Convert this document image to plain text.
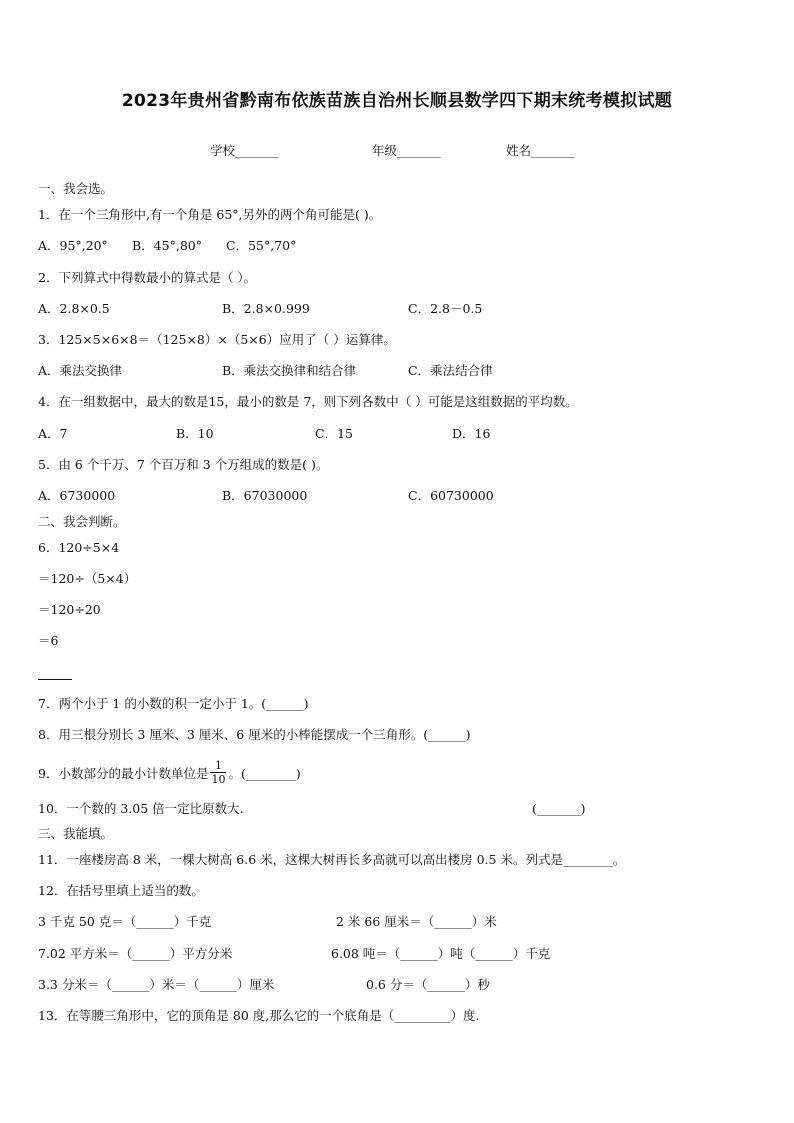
2023年贵州省黔南布依族苗族自治州长顺县数学四下期末统考模拟试题
学校_______	年级_______	姓名_______
一、我会选。
1．在一个三角形中,有一个角是 65°,另外的两个角可能是( )。
A．95°,20° B．45°,80° C．55°,70°
2．下列算式中得数最小的算式是（ ）。
A．2.8×0.5	B．2.8×0.999	C．2.8－0.5
3．125×5×6×8＝（125×8）×（5×6）应用了（ ）运算律。
A．乘法交换律	B．乘法交换律和结合律	C．乘法结合律
4．在一组数据中，最大的数是15，最小的数是 7，则下列各数中（ ）可能是这组数据的平均数。
A．7	B．10	C．15	D．16
5．由 6 个千万、7 个百万和 3 个万组成的数是( )。
A．6730000	B．67030000	C．60730000
二、我会判断。
6．120÷5×4
＝120÷（5×4）
＝120÷20
＝6
7．两个小于 1 的小数的积一定小于 1。(______)
8．用三根分别长 3 厘米、3 厘米、6 厘米的小棒能摆成一个三角形。(______)
9．小数部分的最小计数单位是 $\frac{1}{10}$ 。(________)
10．一个数的 3.05 倍一定比原数大.	(_______)
三、我能填。
11．一座楼房高 8 米，一棵大树高 6.6 米，这棵大树再长多高就可以高出楼房 0.5 米。列式是________。
12．在括号里填上适当的数。
3 千克 50 克＝（______）千克	2 米 66 厘米＝（______）米
7.02 平方米＝（______）平方分米	6.08 吨＝（______）吨（______）千克
3.3 分米＝（______）米＝（______）厘米	0.6 分＝（______）秒
13．在等腰三角形中，它的顶角是 80 度,那么它的一个底角是（_________）度.
